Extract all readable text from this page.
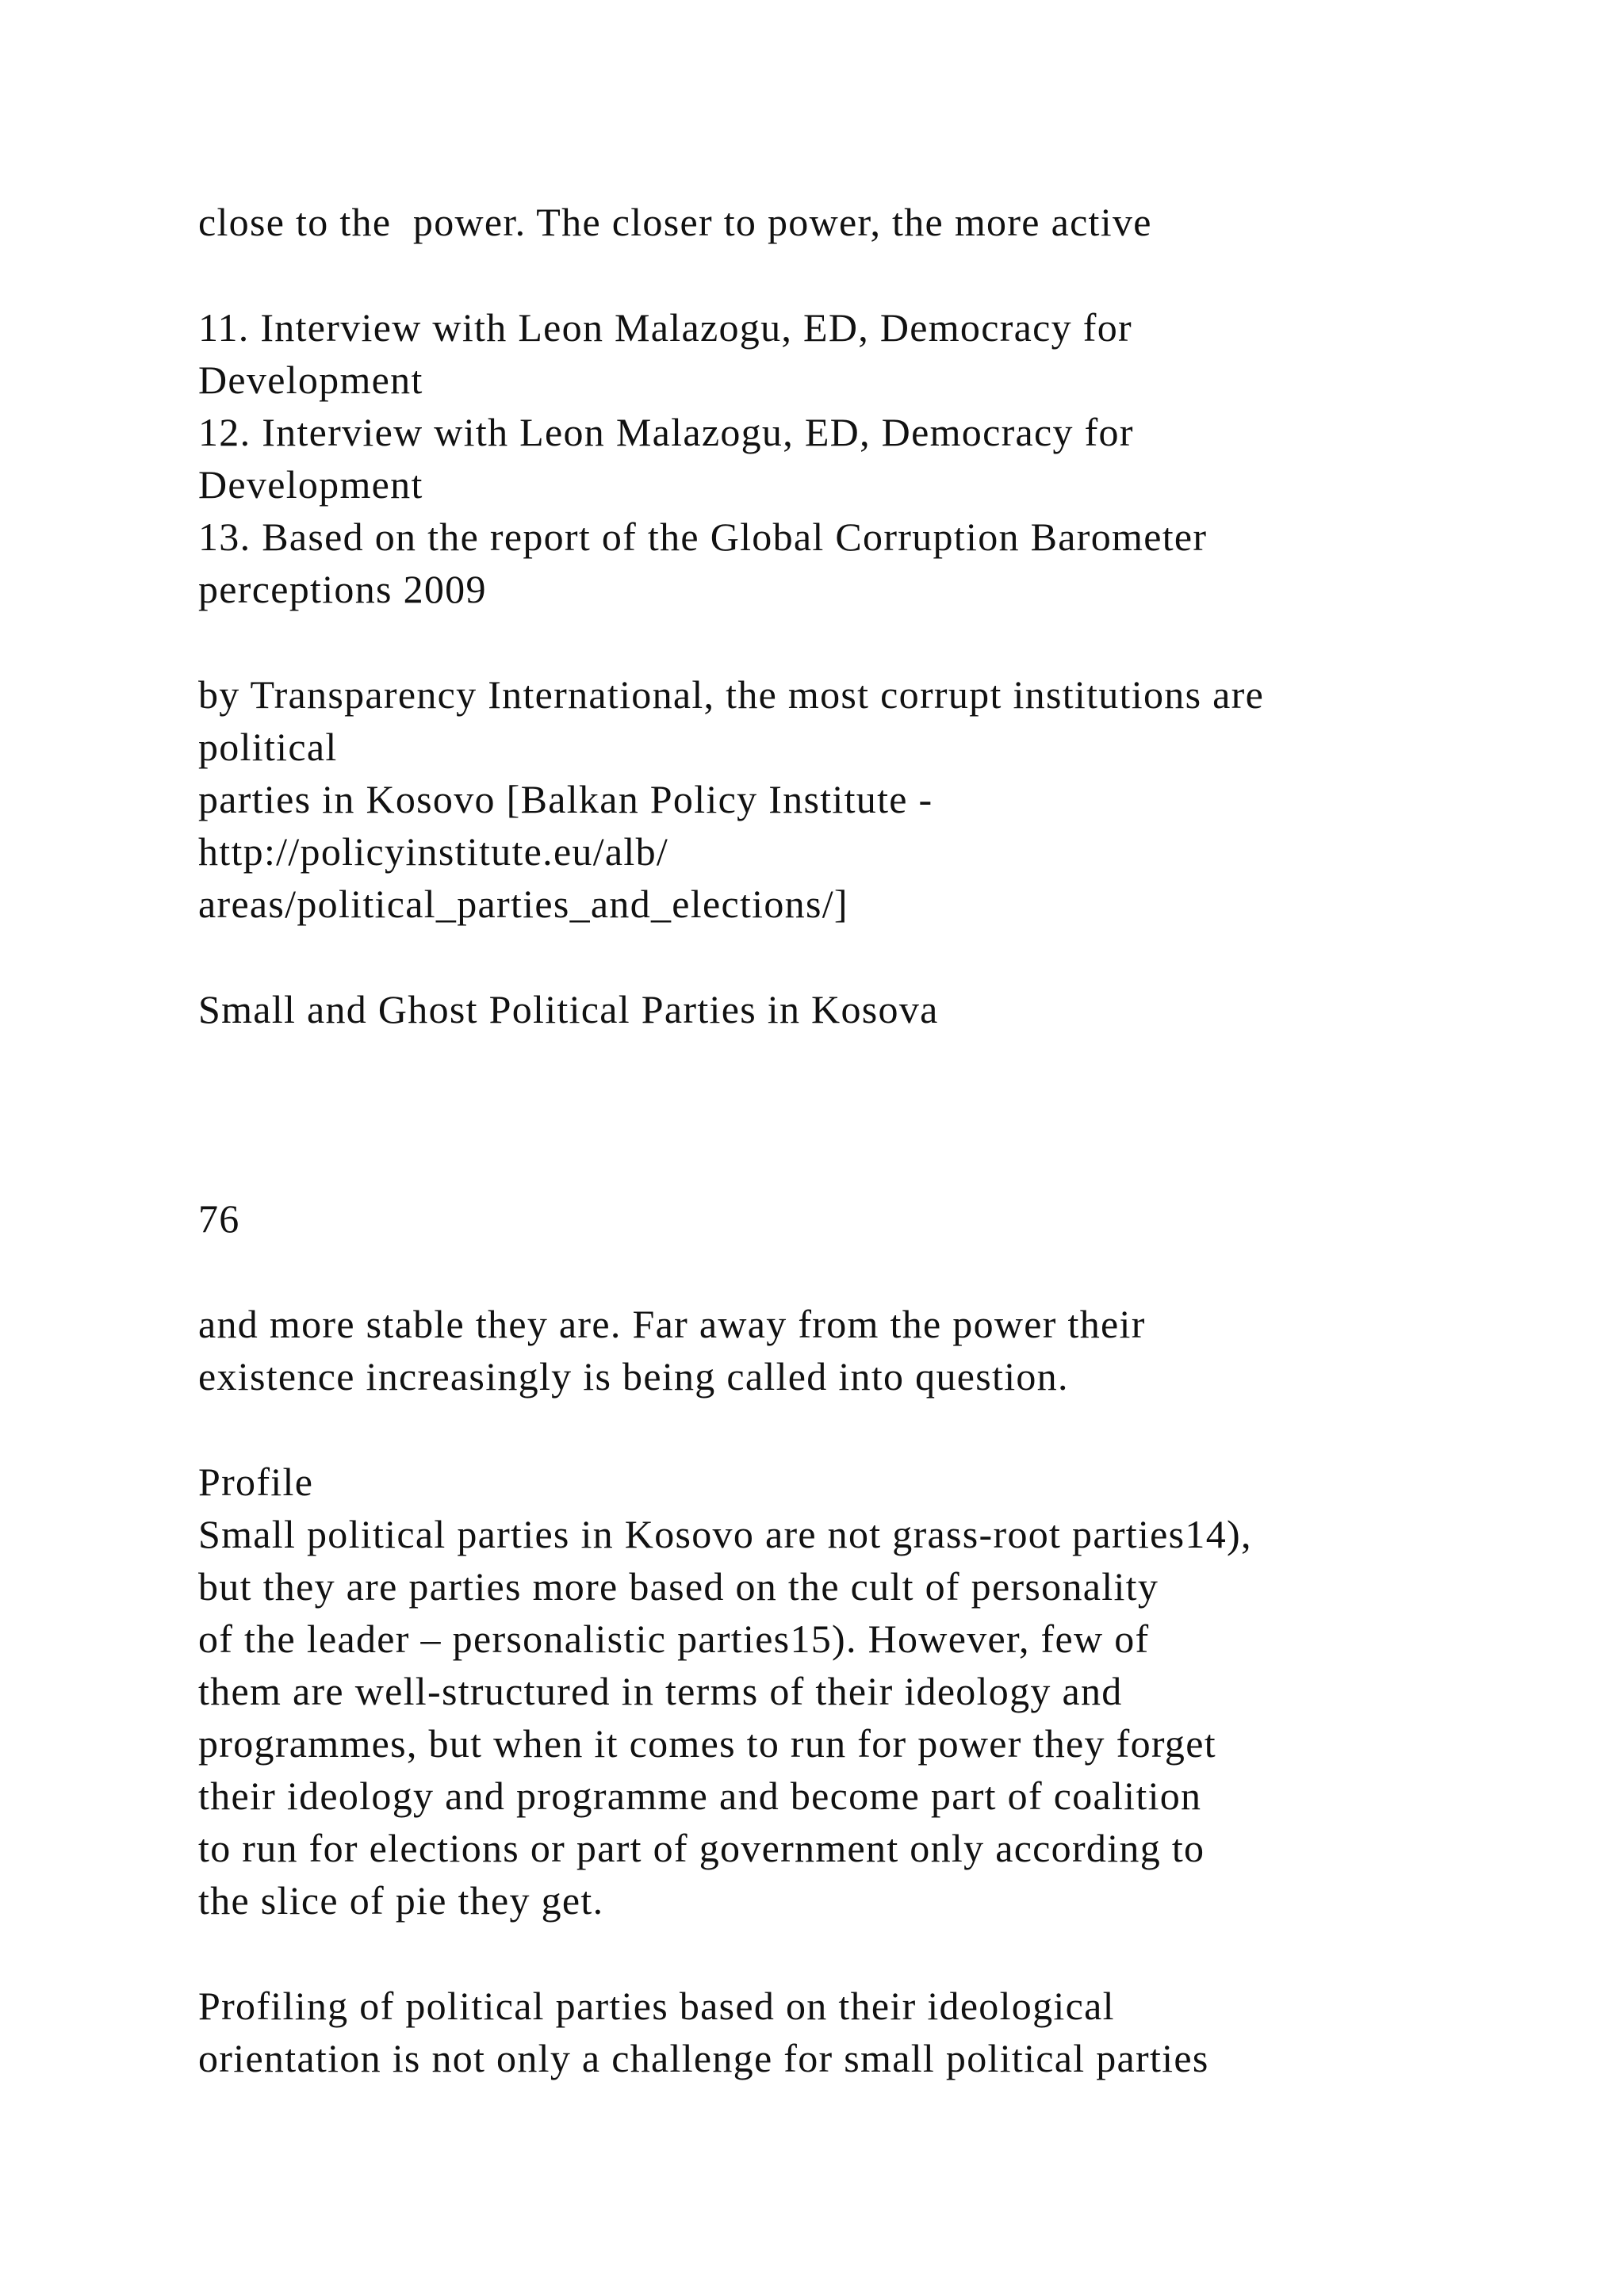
close to the  power. The closer to power, the more active

11. Interview with Leon Malazogu, ED, Democracy for

Development

12. Interview with Leon Malazogu, ED, Democracy for

Development

13. Based on the report of the Global Corruption Barometer

perceptions 2009

by Transparency International, the most corrupt institutions are

political

parties in Kosovo [Balkan Policy Institute -

http://policyinstitute.eu/alb/

areas/political_parties_and_elections/]

Small and Ghost Political Parties in Kosova

76

and more stable they are. Far away from the power their

existence increasingly is being called into question.

Profile

Small political parties in Kosovo are not grass-root parties14),

but they are parties more based on the cult of personality

of the leader – personalistic parties15). However, few of

them are well-structured in terms of their ideology and

programmes, but when it comes to run for power they forget

their ideology and programme and become part of coalition

to run for elections or part of government only according to

the slice of pie they get.

Profiling of political parties based on their ideological

orientation is not only a challenge for small political parties
